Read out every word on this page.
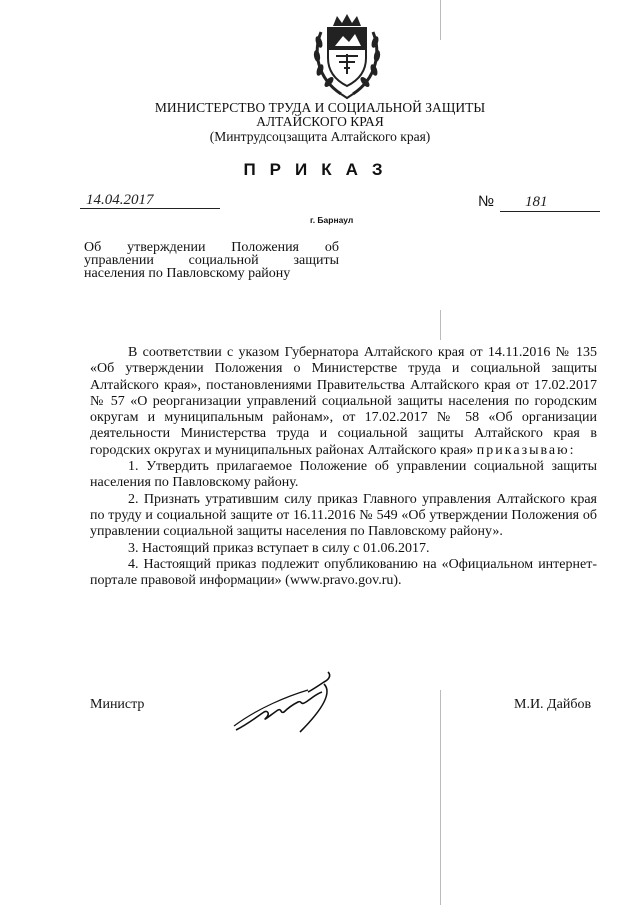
МИНИСТЕРСТВО ТРУДА И СОЦИАЛЬНОЙ ЗАЩИТЫ
АЛТАЙСКОГО КРАЯ
(Минтрудсоцзащита Алтайского края)
ПРИКАЗ
14.04.2017	№ 181
г. Барнаул
Об утверждении Положения об управлении социальной защиты населения по Павловскому району

В соответствии с указом Губернатора Алтайского края от 14.11.2016 № 135 «Об утверждении Положения о Министерстве труда и социальной защиты Алтайского края», постановлениями Правительства Алтайского края от 17.02.2017 № 57 «О реорганизации управлений социальной защиты населения по городским округам и муниципальным районам», от 17.02.2017 № 58 «Об организации деятельности Министерства труда и социальной защиты Алтайского края в городских округах и муниципальных районах Алтайского края» приказываю:

1. Утвердить прилагаемое Положение об управлении социальной защиты населения по Павловскому району.

2. Признать утратившим силу приказ Главного управления Алтайского края по труду и социальной защите от 16.11.2016 № 549 «Об утверждении Положения об управлении социальной защиты населения по Павловскому району».

3. Настоящий приказ вступает в силу с 01.06.2017.

4. Настоящий приказ подлежит опубликованию на «Официальном интернет-портале правовой информации» (www.pravo.gov.ru).

Министр	М.И. Дайбов
